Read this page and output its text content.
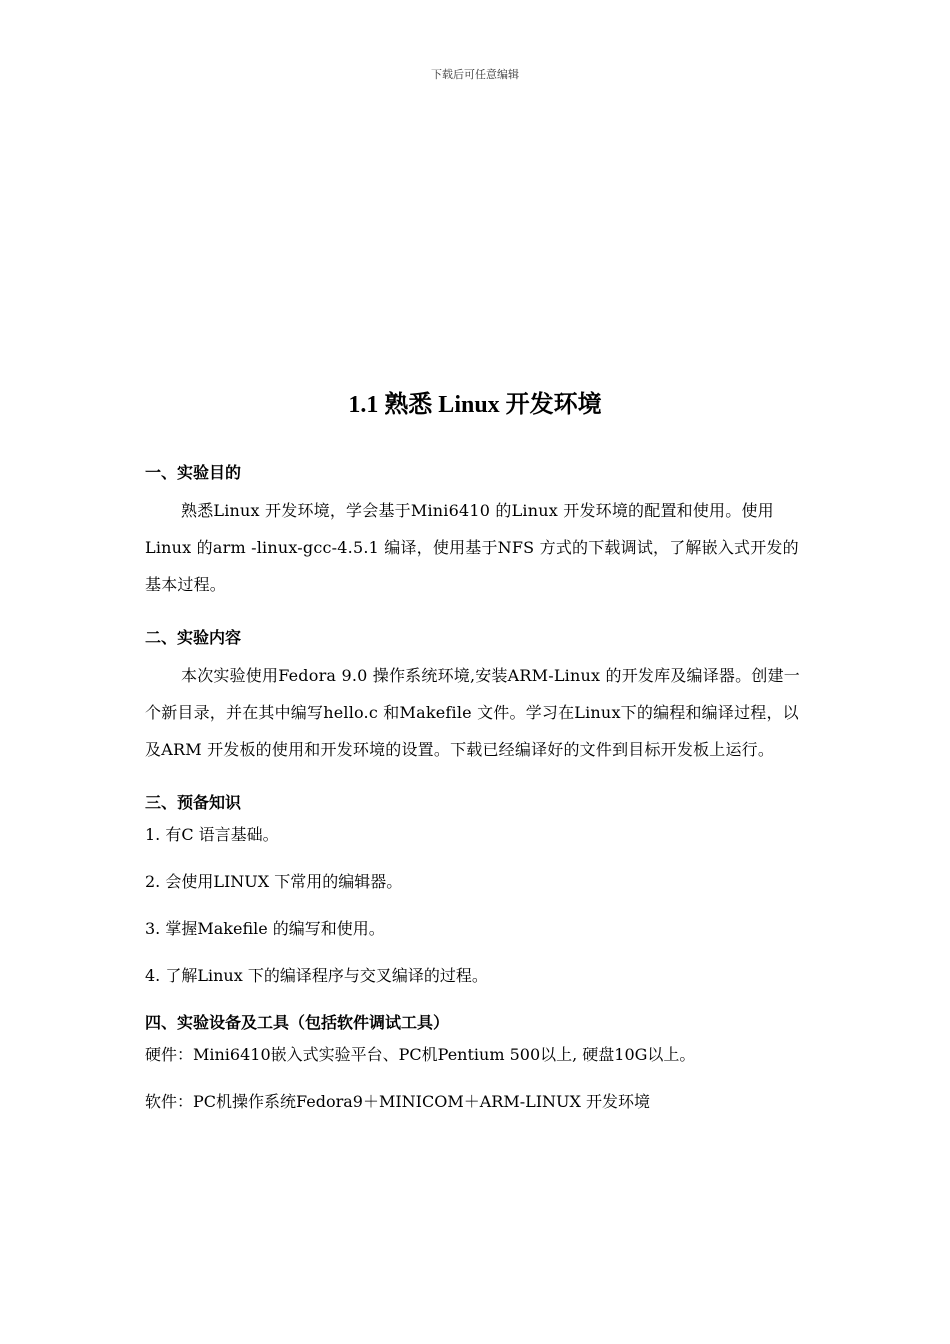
下载后可任意编辑
1.1 熟悉 Linux 开发环境
一、实验目的

熟悉Linux 开发环境，学会基于Mini6410 的Linux 开发环境的配置和使用。使用Linux 的arm -linux-gcc-4.5.1 编译，使用基于NFS 方式的下载调试，了解嵌入式开发的基本过程。

二、实验内容

本次实验使用Fedora 9.0 操作系统环境,安装ARM-Linux 的开发库及编译器。创建一个新目录，并在其中编写hello.c 和Makefile 文件。学习在Linux下的编程和编译过程，以及ARM 开发板的使用和开发环境的设置。下载已经编译好的文件到目标开发板上运行。

三、预备知识
1. 有C 语言基础。
2. 会使用LINUX 下常用的编辑器。
3. 掌握Makefile 的编写和使用。
4. 了解Linux 下的编译程序与交叉编译的过程。
四、实验设备及工具（包括软件调试工具）
硬件：Mini6410嵌入式实验平台、PC机Pentium 500以上, 硬盘10G以上。
软件：PC机操作系统Fedora9＋MINICOM＋ARM-LINUX 开发环境
